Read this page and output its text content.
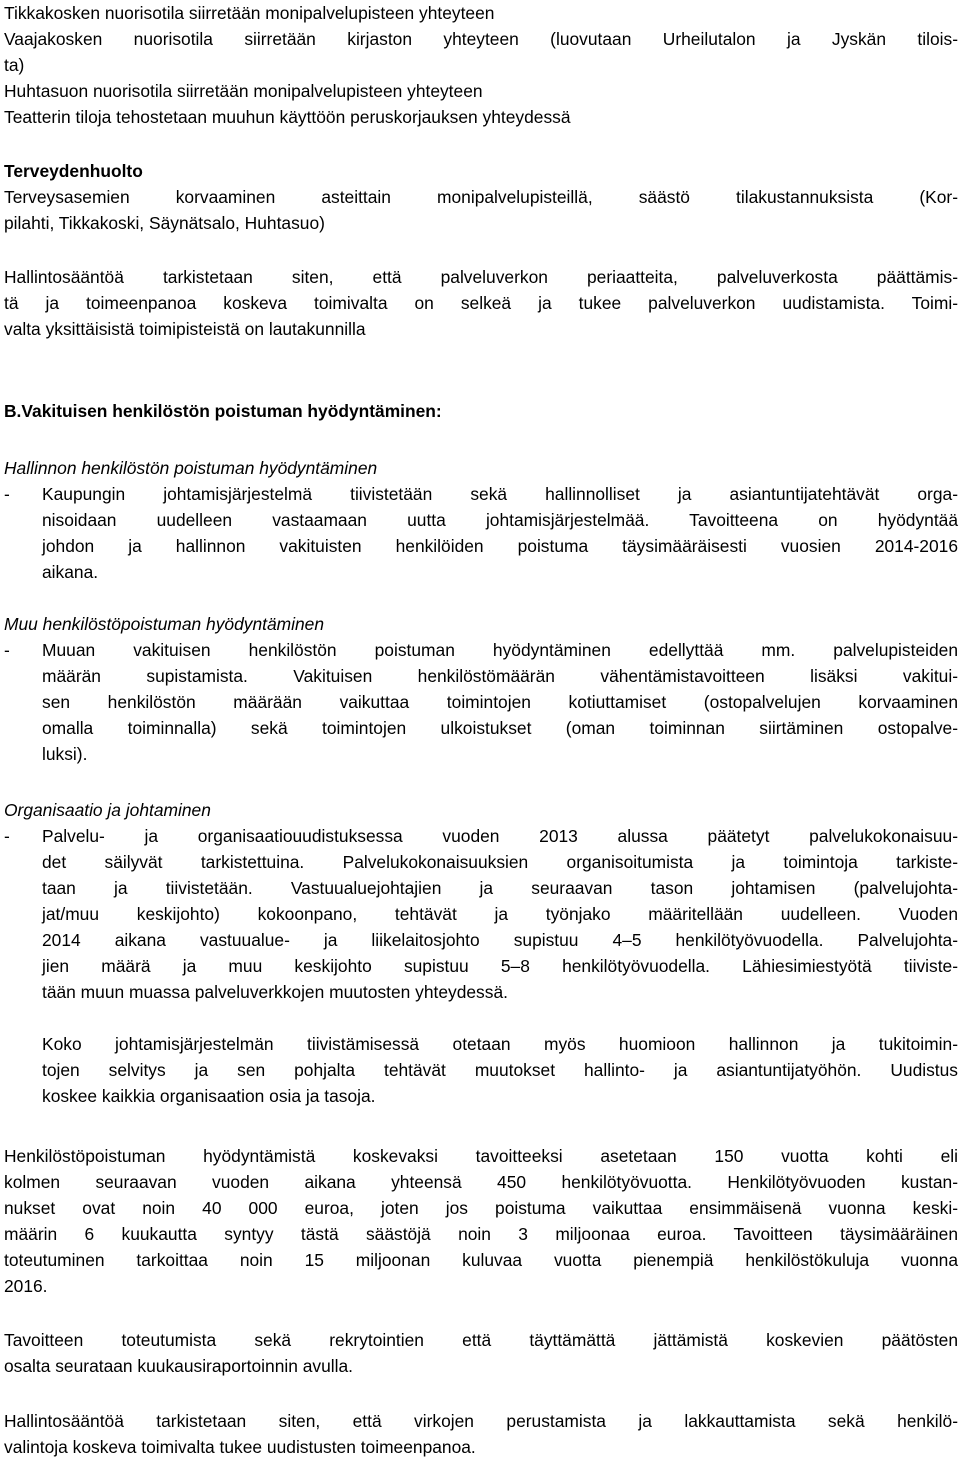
Tikkakosken nuorisotila siirretään monipalvelupisteen yhteyteen
Vaajakosken nuorisotila siirretään kirjaston yhteyteen (luovutaan Urheilutalon ja Jyskän tilois-
ta)
Huhtasuon nuorisotila siirretään monipalvelupisteen yhteyteen
Teatterin tiloja tehostetaan muuhun käyttöön peruskorjauksen yhteydessä
Terveydenhuolto
Terveysasemien korvaaminen asteittain monipalvelupisteillä, säästö tilakustannuksista (Kor-
pilahti, Tikkakoski, Säynätsalo, Huhtasuo)
Hallintosääntöä tarkistetaan siten, että palveluverkon periaatteita, palveluverkosta päättämis-
tä ja toimeenpanoa koskeva toimivalta on selkeä ja tukee palveluverkon uudistamista. Toimi-
valta yksittäisistä toimipisteistä on lautakunnilla
B.Vakituisen henkilöstön poistuman hyödyntäminen:
Hallinnon henkilöstön poistuman hyödyntäminen
-	Kaupungin johtamisjärjestelmä tiivistetään sekä hallinnolliset ja asiantuntijatehtävät orga-
nisoidaan uudelleen vastaamaan uutta johtamisjärjestelmää. Tavoitteena on hyödyntää
johdon ja hallinnon vakituisten henkilöiden poistuma täysimääräisesti vuosien 2014-2016
aikana.
Muu henkilöstöpoistuman hyödyntäminen
-	Muuan vakituisen henkilöstön poistuman hyödyntäminen edellyttää mm. palvelupisteiden
määrän supistamista. Vakituisen henkilöstömäärän vähentämistavoitteen lisäksi vakitui-
sen henkilöstön määrään vaikuttaa toimintojen kotiuttamiset (ostopalvelujen korvaaminen
omalla toiminnalla) sekä toimintojen ulkoistukset (oman toiminnan siirtäminen ostopalve-
luksi).
Organisaatio ja johtaminen
-	Palvelu- ja organisaatiouudistuksessa vuoden 2013 alussa päätetyt palvelukokonaisuu-
det säilyvät tarkistettuina. Palvelukokonaisuuksien organisoitumista ja toimintoja tarkiste-
taan ja tiivistetään. Vastuualuejohtajien ja seuraavan tason johtamisen (palvelujohta-
jat/muu keskijohto) kokoonpano, tehtävät ja työnjako määritellään uudelleen. Vuoden
2014 aikana vastuualue- ja liikelaitosjohto supistuu 4–5 henkilötyövuodella. Palvelujohta-
jien määrä ja muu keskijohto supistuu 5–8 henkilötyövuodella. Lähiesimiestyötä tiiviste-
tään muun muassa palveluverkkojen muutosten yhteydessä.
Koko johtamisjärjestelmän tiivistämisessä otetaan myös huomioon hallinnon ja tukitoimin-
tojen selvitys ja sen pohjalta tehtävät muutokset hallinto- ja asiantuntijatyöhön. Uudistus
koskee kaikkia organisaation osia ja tasoja.
Henkilöstöpoistuman hyödyntämistä koskevaksi tavoitteeksi asetetaan 150 vuotta kohti eli
kolmen seuraavan vuoden aikana yhteensä 450 henkilötyövuotta. Henkilötyövuoden kustan-
nukset ovat noin 40 000 euroa, joten jos poistuma vaikuttaa ensimmäisenä vuonna keski-
määrin 6 kuukautta syntyy tästä säästöjä noin 3 miljoonaa euroa. Tavoitteen täysimääräinen
toteutuminen tarkoittaa noin 15 miljoonan kuluvaa vuotta pienempiä henkilöstökuluja vuonna
2016.
Tavoitteen toteutumista sekä rekrytointien että täyttämättä jättämistä koskevien päätösten
osalta seurataan kuukausiraportoinnin avulla.
Hallintosääntöä tarkistetaan siten, että virkojen perustamista ja lakkauttamista sekä henkilö-
valintoja koskeva toimivalta tukee uudistusten toimeenpanoa.
